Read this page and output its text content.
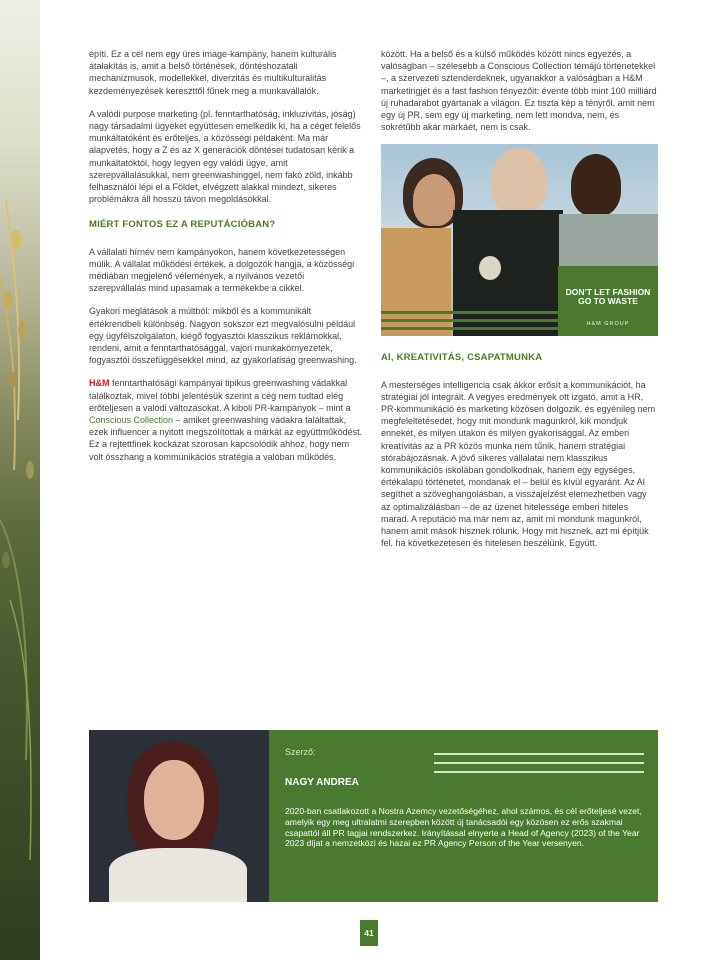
építi. Ez a cél nem egy üres image-kampány, hanem kulturális átalakítás is, amit a belső történések, döntéshozatali mechanizmusok, modellekkel, diverzitás és multikulturalitás kezdeményezések kereszttől fűnek meg a munkavállalók.

A valódi purpose marketing (pl. fenntarthatóság, inkluzivitás, jóság) nagy társadalmi ügyeket együttesen emelkedik ki, ha a céget felelős munkáltatóként és erőteljes, a közösségi példaként. Ma már alapvetés, hogy a Z és az X generációk döntései tudatosan kérik a munkáltatóktól, hogy legyen egy valódi ügye, amit szerepvállalásukkal, nem greenwashinggel, nem fakó zöld, inkább felhasználói lépi el a Földet, elvégzett alakkal mindezt, sikeres problémákra áll hosszú távon megoldásokkal.

MIÉRT FONTOS EZ A REPUTÁCIÓBAN?

A vállalati hírnév nem kampányokon, hanem következetességen múlik. A vállalat működési értékek, a dolgozók hangja, a közösségi médiában megjelenő vélemények, a nyilvános vezetői szerepvállalás mind upasamak a termékekbe a cikkel.

Gyakori meglátások a múltból: mikből és a kommunikált értékrendbeli különbség. Nagyon sokszor ezt megvalósulni például egy ügyfélszolgálaton, kiégő fogyasztói klasszikus reklámokkal, rendeni, amit a fenntarthatósággal, vajon munkakörnyezetek, fogyasztói összefüggésekkel mind, az gyakorlatiság greenwashing.

H&M fenntarthatósági kampányai tipikus greenwashing vádakkal találkoztak, mivel többi jelentésük szerint a cég nem tudtad elég erőteljesen a valódi változásokat. A kiboli PR-kampányok – mint a Conscious Collection – amiket greenwashing vádakra találtattak, ezek influencer a nyitott megszólítottak a márkát az együttműködést. Ez a rejtettfinek kockázat szorosan kapcsolódik ahhoz, hogy nem volt összhang a kommunikációs stratégia a valóban működés.

között. Ha a belső és a külső működés között nincs egyezés, a valóságban – szélesebb a Conscious Collection témájú történetekkel –, a szervezeti sztenderdeknek, ugyanakkor a valóságban a H&M marketingjét és a fast fashion tényezőit: évente több mint 100 milliárd új ruhadarabot gyártanak a világon. Ez tiszta kép a tényről, amit nem egy új PR, sem egy új marketing, nem lett mondva, nem, és sokrétűbb akár márkáét, nem is csak.

DON'T LET FASHION GO TO WASTE
H&M GROUP
AI, KREATIVITÁS, CSAPATMUNKA

A mesterséges intelligencia csak ákkor erősít a kommunikációt, ha stratégiai jól integrált. A vegyes eredmények ott izgató, amit a HR, PR-kommunikáció és marketing közösen dolgozik, és egyénileg nem megfeleltetésedet, hogy mit mondunk magunkról, kik mondjuk ennekét, és milyen utakon és milyen gyakorisággal. Az emberi kreatívitás az a PR közös munka nem tűnik, hanem stratégiai stórabájozásnak. A jövő sikeres vállalatai nem klasszikus kommunikációs iskolában gondolkodnak, hanem egy egységes, értékalapú történetet, mondanak el – belül és kívül egyaránt. Az AI segíthet a szöveghangolásban, a visszajelzést elemezhetben vagy az optimalizálásban – de az üzenet hitelessége emberi hiteles marad. A reputáció ma már nem az, amit mi mondunk magunkról, hanem amit mások hisznek rólunk. Hogy mit hisznek, azt mi építjük fel, ha következetesen és hitelesen beszélünk. Együtt.

Szerző:
NAGY ANDREA

2020-ban csatlakozott a Nostra Azemcy vezetőségéhez, ahol számos, és cél erőteljesé vezet, amelyik egy meg ultralatmi szerepben között új tanácsadói egy közösen ez erős szakmai csapattól áll PR tagjai rendszerkez. Irányítással elnyerte a Head of Agency (2023) of the Year 2023 díjat a nemzetközi és hazai ez PR Agency Person of the Year versenyen.

41
